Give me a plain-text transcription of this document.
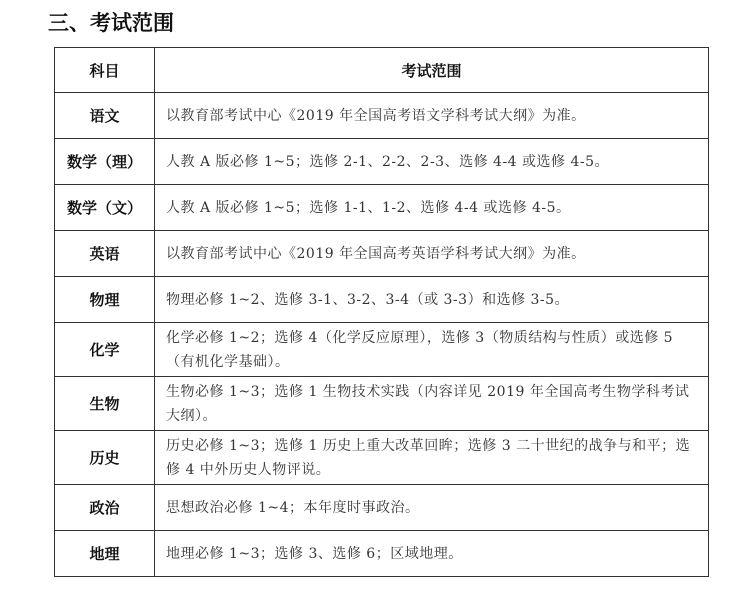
三、考试范围
科目	考试范围
语文	以教育部考试中心《2019 年全国高考语文学科考试大纲》为准。
数学（理）	人教 A 版必修 1~5；选修 2-1、2-2、2-3、选修 4-4 或选修 4-5。
数学（文）	人教 A 版必修 1~5；选修 1-1、1-2、选修 4-4 或选修 4-5。
英语	以教育部考试中心《2019 年全国高考英语学科考试大纲》为准。
物理	物理必修 1~2、选修 3-1、3-2、3-4（或 3-3）和选修 3-5。
化学	化学必修 1~2；选修 4（化学反应原理），选修 3（物质结构与性质）或选修 5（有机化学基础）。
生物	生物必修 1~3；选修 1 生物技术实践（内容详见 2019 年全国高考生物学科考试大纲）。
历史	历史必修 1~3；选修 1 历史上重大改革回眸；选修 3 二十世纪的战争与和平；选修 4 中外历史人物评说。
政治	思想政治必修 1~4；本年度时事政治。
地理	地理必修 1~3；选修 3、选修 6；区域地理。
